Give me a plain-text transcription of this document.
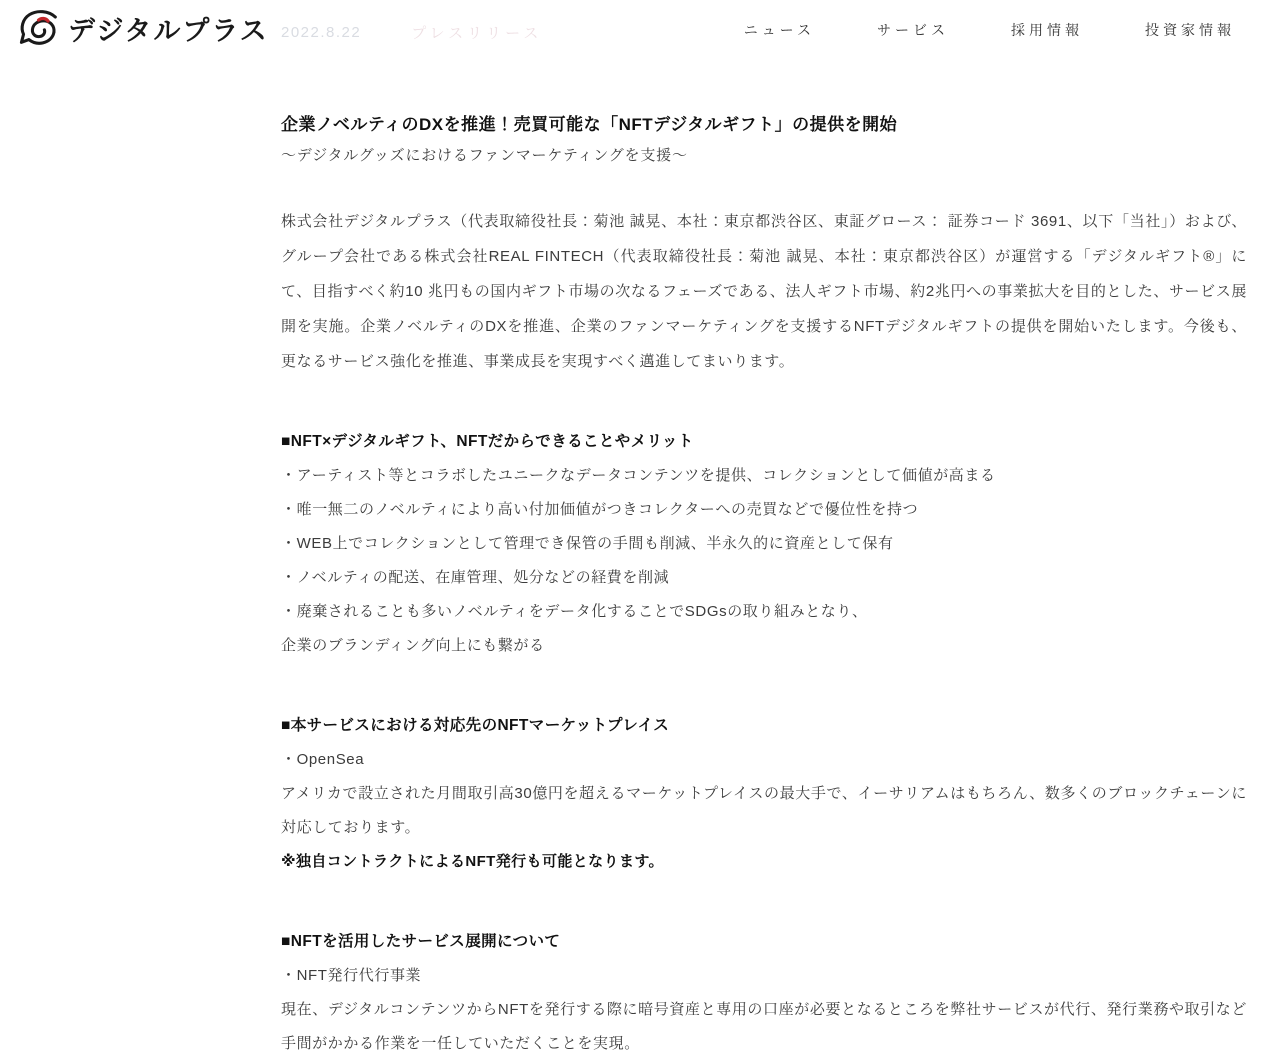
デジタルプラス 2022.8.22	プレスリリース	ニュース	サービス	採用情報	投資家情報
企業ノベルティのDXを推進！売買可能な「NFTデジタルギフト」の提供を開始
～デジタルグッズにおけるファンマーケティングを支援～

株式会社デジタルプラス（代表取締役社長：菊池 誠晃、本社：東京都渋谷区、東証グロース： 証券コード 3691、以下「当社」）および、グループ会社である株式会社REAL FINTECH（代表取締役社長：菊池 誠晃、本社：東京都渋谷区）が運営する「デジタルギフト®」にて、目指すべく約10 兆円もの国内ギフト市場の次なるフェーズである、法人ギフト市場、約2兆円への事業拡大を目的とした、サービス展開を実施。企業ノベルティのDXを推進、企業のファンマーケティングを支援するNFTデジタルギフトの提供を開始いたします。今後も、更なるサービス強化を推進、事業成長を実現すべく邁進してまいります。

■NFT×デジタルギフト、NFTだからできることやメリット
・アーティスト等とコラボしたユニークなデータコンテンツを提供、コレクションとして価値が高まる
・唯一無二のノベルティにより高い付加価値がつきコレクターへの売買などで優位性を持つ
・WEB上でコレクションとして管理でき保管の手間も削減、半永久的に資産として保有
・ノベルティの配送、在庫管理、処分などの経費を削減
・廃棄されることも多いノベルティをデータ化することでSDGsの取り組みとなり、
企業のブランディング向上にも繋がる
■本サービスにおける対応先のNFTマーケットプレイス
・OpenSea

アメリカで設立された月間取引高30億円を超えるマーケットプレイスの最大手で、イーサリアムはもちろん、数多くのブロックチェーンに対応しております。

※独自コントラクトによるNFT発行も可能となります。
■NFTを活用したサービス展開について
・NFT発行代行事業

現在、デジタルコンテンツからNFTを発行する際に暗号資産と専用の口座が必要となるところを弊社サービスが代行、発行業務や取引など手間がかかる作業を一任していただくことを実現。
